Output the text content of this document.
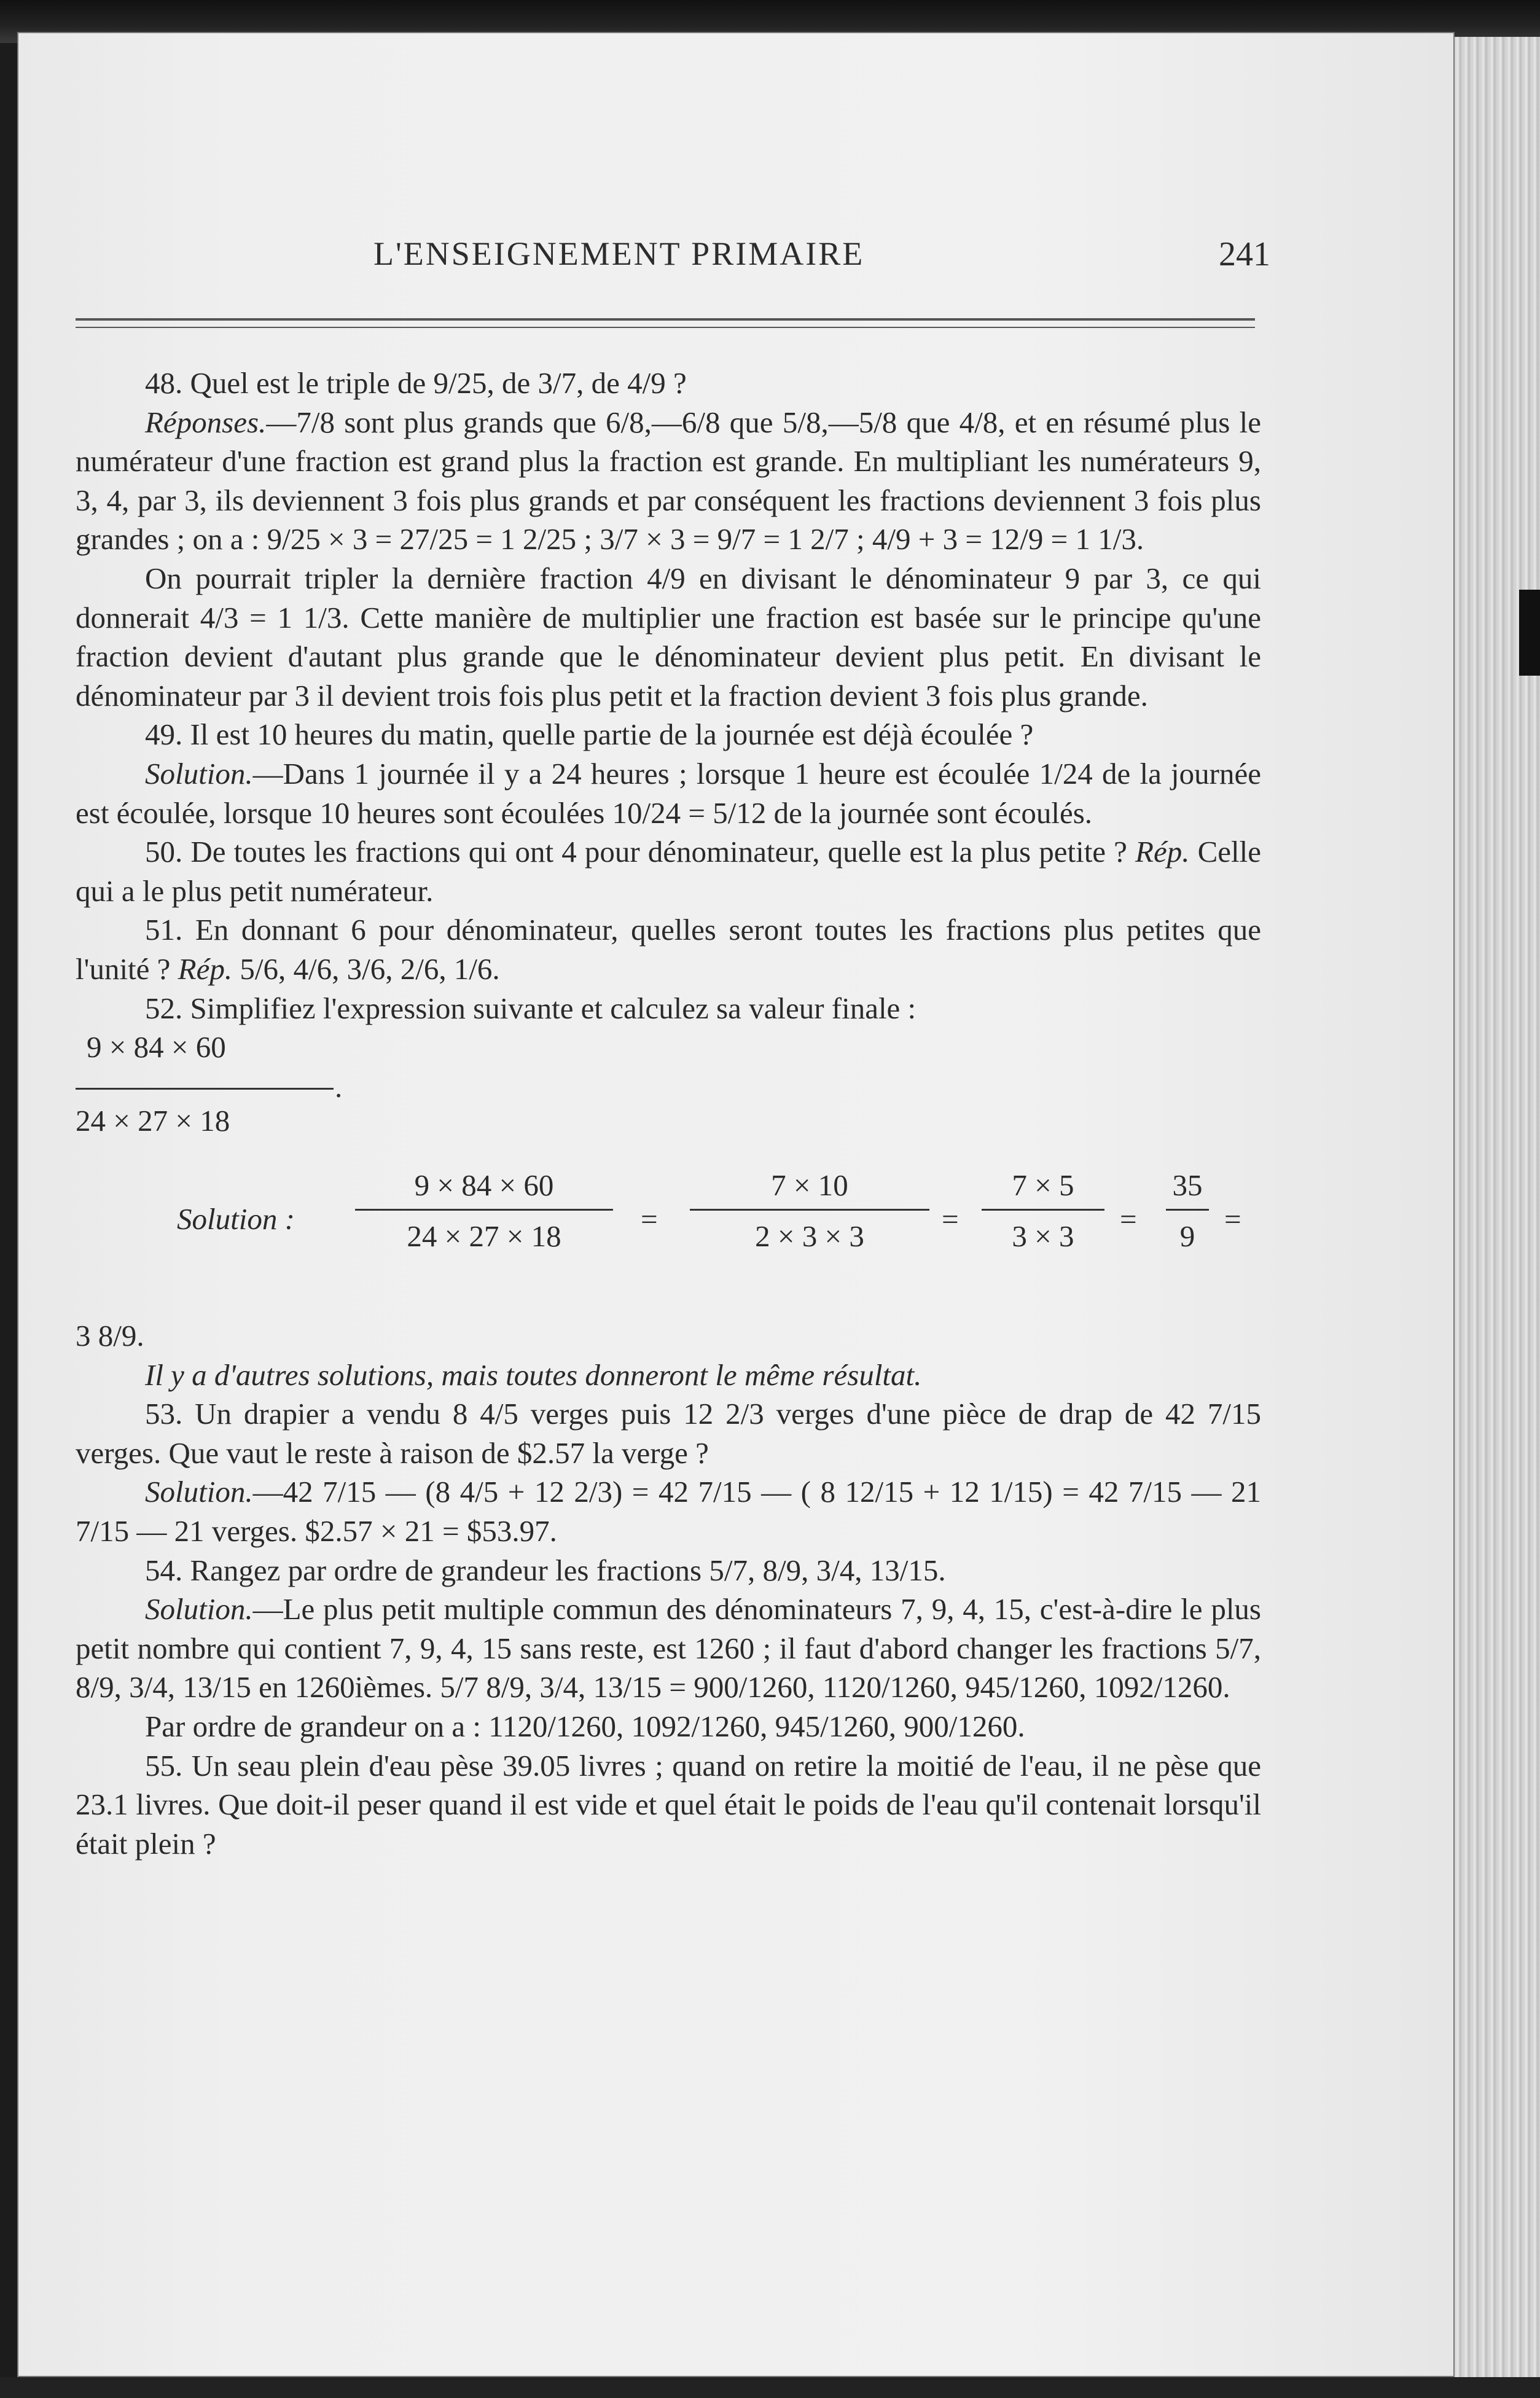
L'ENSEIGNEMENT PRIMAIRE	241

48. Quel est le triple de 9/25, de 3/7, de 4/9 ?

Réponses.—7/8 sont plus grands que 6/8,—6/8 que 5/8,—5/8 que 4/8, et en résumé plus le numérateur d'une fraction est grand plus la fraction est grande. En multipliant les numérateurs 9, 3, 4, par 3, ils deviennent 3 fois plus grands et par conséquent les fractions deviennent 3 fois plus grandes ; on a : 9/25 × 3 = 27/25 = 1 2/25 ; 3/7 × 3 = 9/7 = 1 2/7 ; 4/9 + 3 = 12/9 = 1 1/3.

On pourrait tripler la dernière fraction 4/9 en divisant le dénominateur 9 par 3, ce qui donnerait 4/3 = 1 1/3. Cette manière de multiplier une fraction est basée sur le principe qu'une fraction devient d'autant plus grande que le dénominateur devient plus petit. En divisant le dénominateur par 3 il devient trois fois plus petit et la fraction devient 3 fois plus grande.

49. Il est 10 heures du matin, quelle partie de la journée est déjà écoulée ?

Solution.—Dans 1 journée il y a 24 heures ; lorsque 1 heure est écoulée 1/24 de la journée est écoulée, lorsque 10 heures sont écoulées 10/24 = 5/12 de la journée sont écoulés.

50. De toutes les fractions qui ont 4 pour dénominateur, quelle est la plus petite ? Rép. Celle qui a le plus petit numérateur.

51. En donnant 6 pour dénominateur, quelles seront toutes les fractions plus petites que l'unité ? Rép. 5/6, 4/6, 3/6, 2/6, 1/6.

52. Simplifiez l'expression suivante et calculez sa valeur finale :

9 × 84 × 60
.
24 × 27 × 18
Solution :
9 × 84 × 60
24 × 27 × 18
=
7 × 10
2 × 3 × 3
=
7 × 5
3 × 3
=
35
9
=

3 8/9.

Il y a d'autres solutions, mais toutes donneront le même résultat.

53. Un drapier a vendu 8 4/5 verges puis 12 2/3 verges d'une pièce de drap de 42 7/15 verges. Que vaut le reste à raison de $2.57 la verge ?

Solution.—42 7/15 — (8 4/5 + 12 2/3) = 42 7/15 — ( 8 12/15 + 12 1/15) = 42 7/15 — 21 7/15 — 21 verges. $2.57 × 21 = $53.97.

54. Rangez par ordre de grandeur les fractions 5/7, 8/9, 3/4, 13/15.

Solution.—Le plus petit multiple commun des dénominateurs 7, 9, 4, 15, c'est-à-dire le plus petit nombre qui contient 7, 9, 4, 15 sans reste, est 1260 ; il faut d'abord changer les fractions 5/7, 8/9, 3/4, 13/15 en 1260ièmes. 5/7 8/9, 3/4, 13/15 = 900/1260, 1120/1260, 945/1260, 1092/1260.

Par ordre de grandeur on a : 1120/1260, 1092/1260, 945/1260, 900/1260.

55. Un seau plein d'eau pèse 39.05 livres ; quand on retire la moitié de l'eau, il ne pèse que 23.1 livres. Que doit-il peser quand il est vide et quel était le poids de l'eau qu'il contenait lorsqu'il était plein ?
